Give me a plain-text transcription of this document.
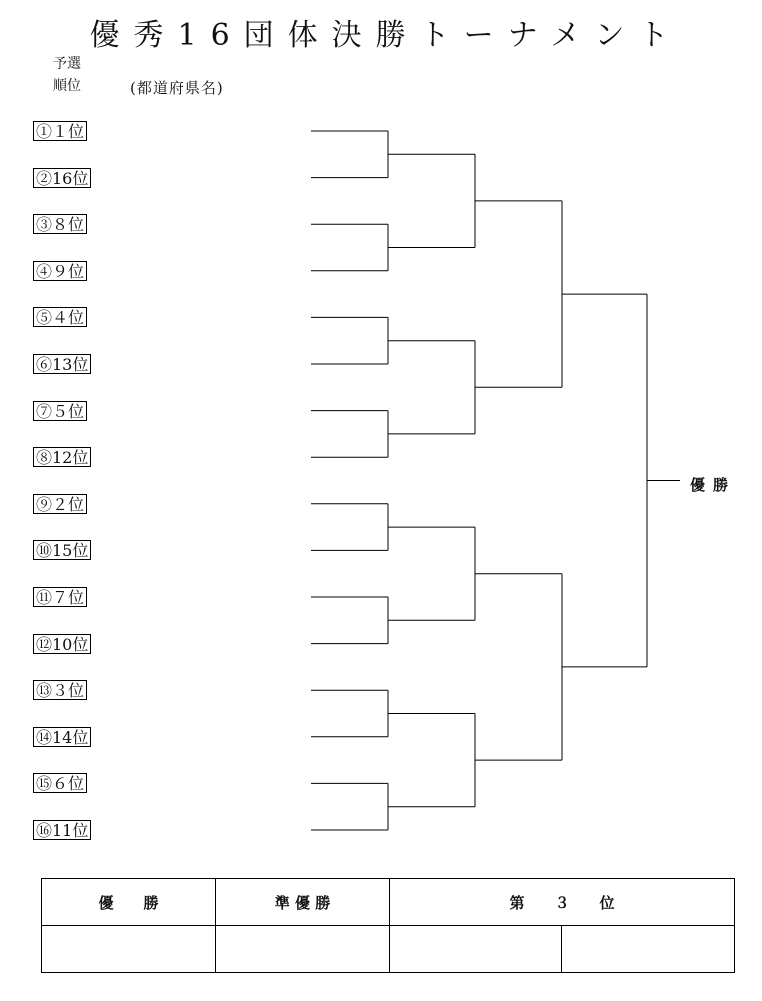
優秀16団体決勝トーナメント
予選
順位	(都道府県名)
①１位
②16位
③８位
④９位
⑤４位
⑥13位
⑦５位
⑧12位
⑨２位
⑩15位
⑪７位
⑫10位
⑬３位
⑭14位
⑮６位
⑯11位
優勝
優　　勝	準 優 勝	第　　３　　位	
